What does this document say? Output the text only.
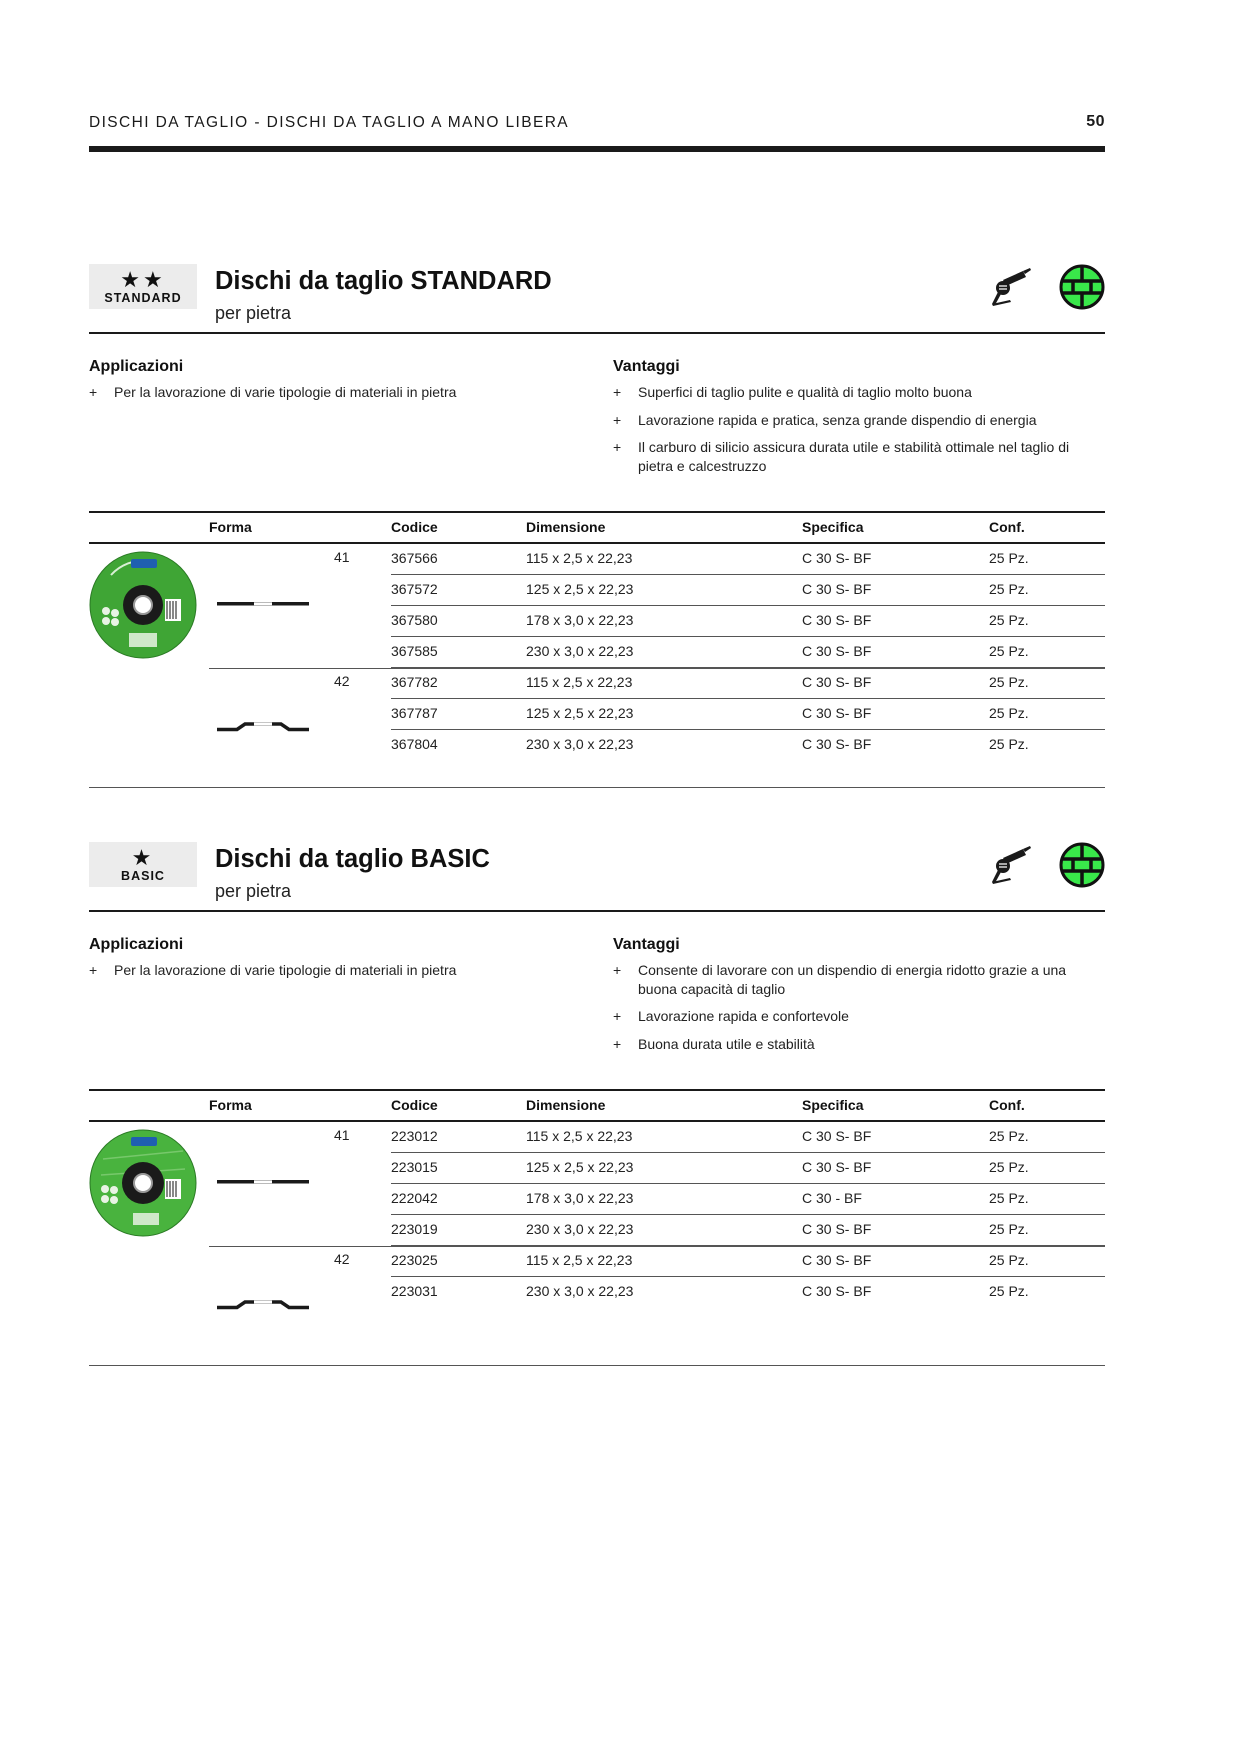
DISCHI DA TAGLIO - DISCHI DA TAGLIO A MANO LIBERA	50
★★
STANDARD
Dischi da taglio STANDARD
per pietra
Applicazioni
+ Per la lavorazione di varie tipologie di materiali in pietra
Vantaggi
+ Superfici di taglio pulite e qualità di taglio molto buona
+ Lavorazione rapida e pratica, senza grande dispendio di energia
+ Il carburo di silicio assicura durata utile e stabilità ottimale nel taglio di pietra e calcestruzzo
Forma	Codice	Dimensione	Specifica	Conf.
41	367566	115 x 2,5 x 22,23	C 30 S- BF	25 Pz.
367572	125 x 2,5 x 22,23	C 30 S- BF	25 Pz.
367580	178 x 3,0 x 22,23	C 30 S- BF	25 Pz.
367585	230 x 3,0 x 22,23	C 30 S- BF	25 Pz.
42	367782	115 x 2,5 x 22,23	C 30 S- BF	25 Pz.
367787	125 x 2,5 x 22,23	C 30 S- BF	25 Pz.
367804	230 x 3,0 x 22,23	C 30 S- BF	25 Pz.
★
BASIC
Dischi da taglio BASIC
per pietra
Applicazioni
+ Per la lavorazione di varie tipologie di materiali in pietra
Vantaggi
+ Consente di lavorare con un dispendio di energia ridotto grazie a una buona capacità di taglio
+ Lavorazione rapida e confortevole
+ Buona durata utile e stabilità
Forma	Codice	Dimensione	Specifica	Conf.
41	223012	115 x 2,5 x 22,23	C 30 S- BF	25 Pz.
223015	125 x 2,5 x 22,23	C 30 S- BF	25 Pz.
222042	178 x 3,0 x 22,23	C 30 - BF	25 Pz.
223019	230 x 3,0 x 22,23	C 30 S- BF	25 Pz.
42	223025	115 x 2,5 x 22,23	C 30 S- BF	25 Pz.
223031	230 x 3,0 x 22,23	C 30 S- BF	25 Pz.
